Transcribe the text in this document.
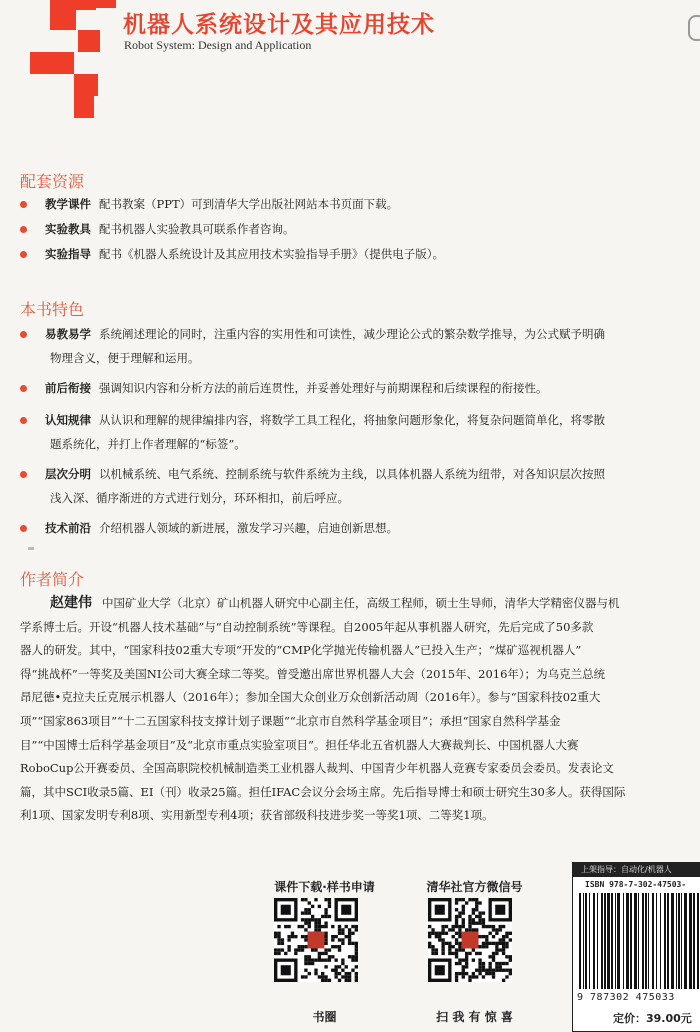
机器人系统设计及其应用技术
Robot System: Design and Application
配套资源
教学课件 配书教案（PPT）可到清华大学出版社网站本书页面下载。
实验教具 配书机器人实验教具可联系作者咨询。
实验指导 配书《机器人系统设计及其应用技术实验指导手册》（提供电子版）。
本书特色
易教易学 系统阐述理论的同时，注重内容的实用性和可读性，减少理论公式的繁杂数学推导，为公式赋予明确
物理含义，便于理解和运用。
前后衔接 强调知识内容和分析方法的前后连贯性，并妥善处理好与前期课程和后续课程的衔接性。
认知规律 从认识和理解的规律编排内容，将数学工具工程化，将抽象问题形象化，将复杂问题简单化，将零散
题系统化，并打上作者理解的“标签”。
层次分明 以机械系统、电气系统、控制系统与软件系统为主线，以具体机器人系统为纽带，对各知识层次按照
浅入深、循序渐进的方式进行划分，环环相扣，前后呼应。
技术前沿 介绍机器人领域的新进展，激发学习兴趣，启迪创新思想。
作者简介
赵建伟 中国矿业大学（北京）矿山机器人研究中心副主任，高级工程师，硕士生导师，清华大学精密仪器与机
学系博士后。开设“机器人技术基础”与“自动控制系统”等课程。自2005年起从事机器人研究，先后完成了50多款
器人的研发。其中，“国家科技02重大专项”开发的“CMP化学抛光传输机器人”已投入生产；“煤矿巡视机器人”
得“挑战杯”一等奖及美国NI公司大赛全球二等奖。曾受邀出席世界机器人大会（2015年、2016年）；为乌克兰总统
昂尼德•克拉夫丘克展示机器人（2016年）；参加全国大众创业万众创新活动周（2016年）。参与“国家科技02重大
项”“国家863项目”“十二五国家科技支撑计划子课题”“北京市自然科学基金项目”；承担“国家自然科学基金
目”“中国博士后科学基金项目”及“北京市重点实验室项目”。担任华北五省机器人大赛裁判长、中国机器人大赛
RoboCup公开赛委员、全国高职院校机械制造类工业机器人裁判、中国青少年机器人竞赛专家委员会委员。发表论文
篇，其中SCI收录5篇、EI（刊）收录25篇。担任IFAC会议分会场主席。先后指导博士和硕士研究生30多人。获得国际
利1项、国家发明专利8项、实用新型专利4项；获省部级科技进步奖一等奖1项、二等奖1项。
课件下载·样书申请
书圈
清华社官方微信号
扫 我 有 惊 喜
上架指导：自动化/机器人
ISBN 978-7-302-47503-
9 787302 475033
定价：39.00元
